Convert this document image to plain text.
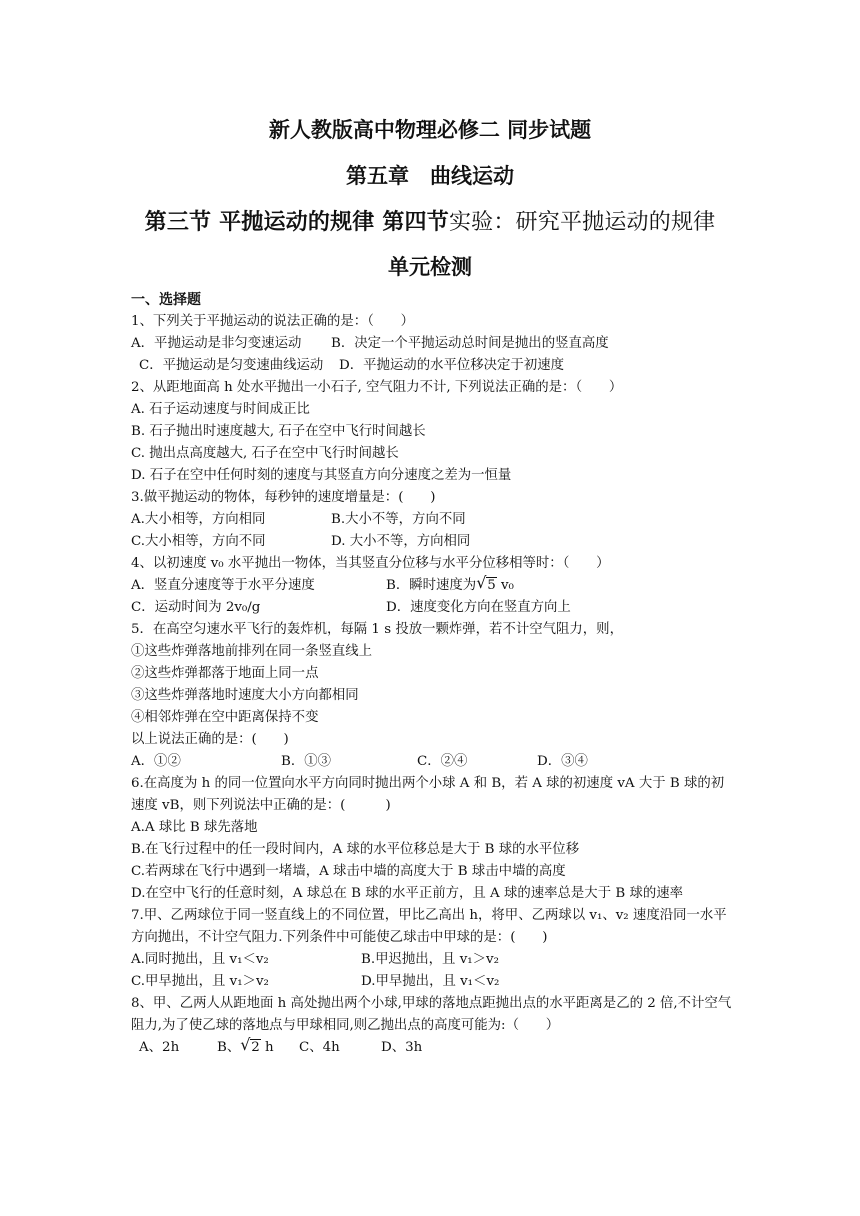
新人教版高中物理必修二 同步试题
第五章　曲线运动
第三节 平抛运动的规律 第四节实验：研究平抛运动的规律
单元检测
一、选择题
1、下列关于平抛运动的说法正确的是：（　　）
A．平抛运动是非匀变速运动 B．决定一个平抛运动总时间是抛出的竖直高度
C．平抛运动是匀变速曲线运动 D．平抛运动的水平位移决定于初速度
2、从距地面高 h 处水平抛出一小石子, 空气阻力不计, 下列说法正确的是：（　　）
A. 石子运动速度与时间成正比
B. 石子抛出时速度越大, 石子在空中飞行时间越长
C. 抛出点高度越大, 石子在空中飞行时间越长
D. 石子在空中任何时刻的速度与其竖直方向分速度之差为一恒量
3.做平抛运动的物体，每秒钟的速度增量是：(　　)
A.大小相等，方向相同	B.大小不等，方向不同
C.大小相等，方向不同	D. 大小不等，方向相同
4、以初速度 v₀ 水平抛出一物体，当其竖直分位移与水平分位移相等时：（　　）
A．竖直分速度等于水平分速度	B．瞬时速度为 √ 5 v₀
C．运动时间为 2v₀/g	D．速度变化方向在竖直方向上
5．在高空匀速水平飞行的轰炸机，每隔 1 s 投放一颗炸弹，若不计空气阻力，则，
①这些炸弹落地前排列在同一条竖直线上
②这些炸弹都落于地面上同一点
③这些炸弹落地时速度大小方向都相同
④相邻炸弹在空中距离保持不变
以上说法正确的是：(　　)
A．①②	B．①③	C．②④	D．③④
6.在高度为 h 的同一位置向水平方向同时抛出两个小球 A 和 B，若 A 球的初速度 vA 大于 B 球的初速度 vB，则下列说法中正确的是：(　　　)
A.A 球比 B 球先落地
B.在飞行过程中的任一段时间内，A 球的水平位移总是大于 B 球的水平位移
C.若两球在飞行中遇到一堵墙，A 球击中墙的高度大于 B 球击中墙的高度
D.在空中飞行的任意时刻，A 球总在 B 球的水平正前方，且 A 球的速率总是大于 B 球的速率
7.甲、乙两球位于同一竖直线上的不同位置，甲比乙高出 h，将甲、乙两球以 v₁、v₂ 速度沿同一水平方向抛出，不计空气阻力.下列条件中可能使乙球击中甲球的是：(　　)
A.同时抛出，且 v₁＜v₂	B.甲迟抛出，且 v₁＞v₂
C.甲早抛出，且 v₁＞v₂	D.甲早抛出，且 v₁＜v₂
8、甲、乙两人从距地面 h 高处抛出两个小球,甲球的落地点距抛出点的水平距离是乙的 2 倍,不计空气阻力,为了使乙球的落地点与甲球相同,则乙抛出点的高度可能为:（　　）
A、2h	B、 √ 2 h C、4h	D、3h
